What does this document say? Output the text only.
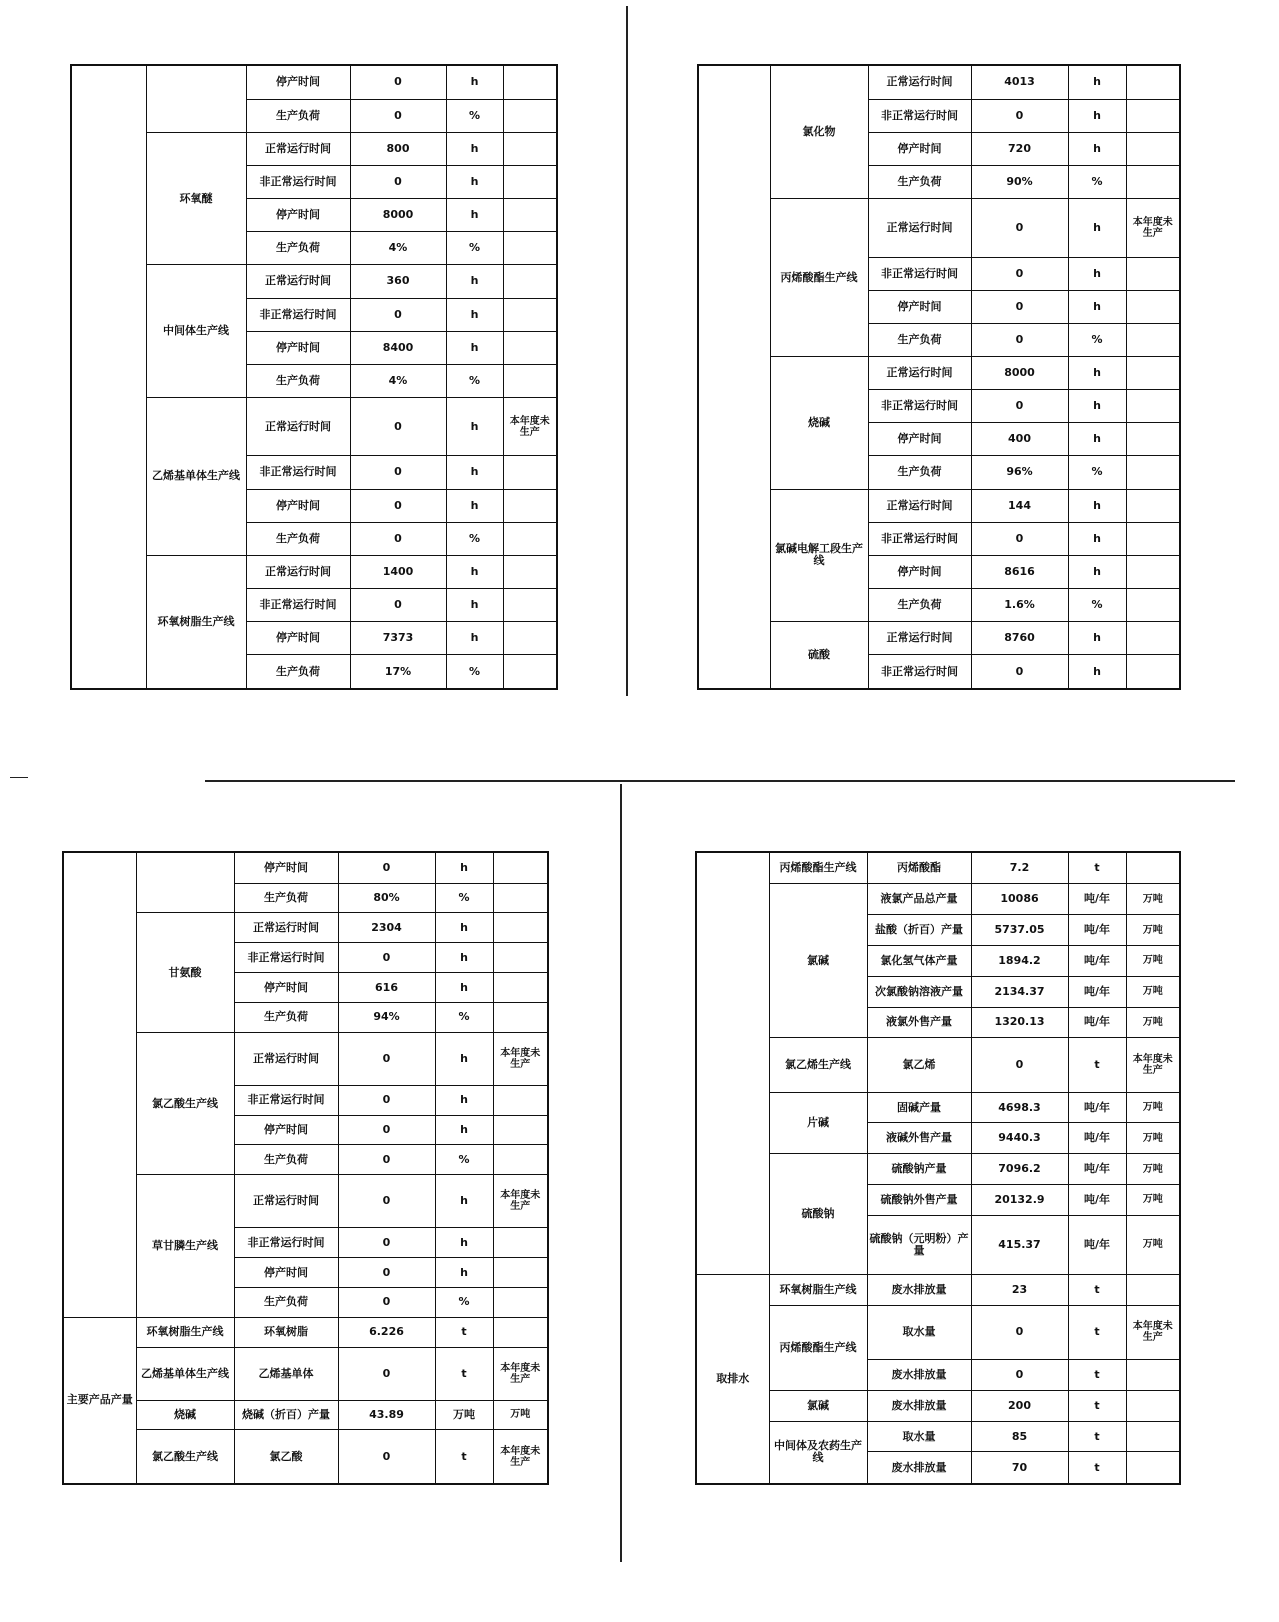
		停产时间	0	h	
		生产负荷	0	%	
	环氧醚	正常运行时间	800	h	
		非正常运行时间	0	h	
		停产时间	8000	h	
		生产负荷	4%	%	
	中间体生产线	正常运行时间	360	h	
		非正常运行时间	0	h	
		停产时间	8400	h	
		生产负荷	4%	%	
	乙烯基单体生产线	正常运行时间	0	h	本年度未生产
		非正常运行时间	0	h	
		停产时间	0	h	
		生产负荷	0	%	
	环氧树脂生产线	正常运行时间	1400	h	
		非正常运行时间	0	h	
		停产时间	7373	h	
		生产负荷	17%	%	
	氯化物	正常运行时间	4013	h	
		非正常运行时间	0	h	
		停产时间	720	h	
		生产负荷	90%	%	
	丙烯酸酯生产线	正常运行时间	0	h	本年度未生产
		非正常运行时间	0	h	
		停产时间	0	h	
		生产负荷	0	%	
	烧碱	正常运行时间	8000	h	
		非正常运行时间	0	h	
		停产时间	400	h	
		生产负荷	96%	%	
	氯碱电解工段生产线	正常运行时间	144	h	
		非正常运行时间	0	h	
		停产时间	8616	h	
		生产负荷	1.6%	%	
	硫酸	正常运行时间	8760	h	
		非正常运行时间	0	h	
		停产时间	0	h	
		生产负荷	80%	%	
	甘氨酸	正常运行时间	2304	h	
		非正常运行时间	0	h	
		停产时间	616	h	
		生产负荷	94%	%	
	氯乙酸生产线	正常运行时间	0	h	本年度未生产
		非正常运行时间	0	h	
		停产时间	0	h	
		生产负荷	0	%	
	草甘膦生产线	正常运行时间	0	h	本年度未生产
		非正常运行时间	0	h	
		停产时间	0	h	
		生产负荷	0	%	
主要产品产量	环氧树脂生产线	环氧树脂	6.226	t	
	乙烯基单体生产线	乙烯基单体	0	t	本年度未生产
	烧碱	烧碱（折百）产量	43.89	万吨	万吨
	氯乙酸生产线	氯乙酸	0	t	本年度未生产
	丙烯酸酯生产线	丙烯酸酯	7.2	t	
	氯碱	液氯产品总产量	10086	吨/年	万吨
		盐酸（折百）产量	5737.05	吨/年	万吨
		氯化氢气体产量	1894.2	吨/年	万吨
		次氯酸钠溶液产量	2134.37	吨/年	万吨
		液氯外售产量	1320.13	吨/年	万吨
	氯乙烯生产线	氯乙烯	0	t	本年度未生产
	片碱	固碱产量	4698.3	吨/年	万吨
		液碱外售产量	9440.3	吨/年	万吨
	硫酸钠	硫酸钠产量	7096.2	吨/年	万吨
		硫酸钠外售产量	20132.9	吨/年	万吨
		硫酸钠（元明粉）产量	415.37	吨/年	万吨
取排水	环氧树脂生产线	废水排放量	23	t	
	丙烯酸酯生产线	取水量	0	t	本年度未生产
		废水排放量	0	t	
	氯碱	废水排放量	200	t	
	中间体及农药生产线	取水量	85	t	
		废水排放量	70	t	
